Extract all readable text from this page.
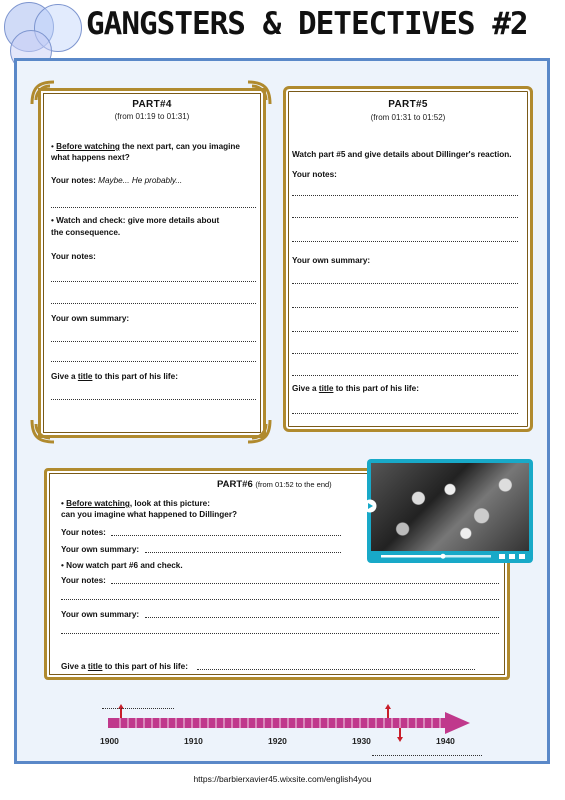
GANGSTERS & DETECTIVES #2
PART#4
(from 01:19 to 01:31)
• Before watching the next part, can you imagine
what happens next?
Your notes: Maybe... He probably...
• Watch and check: give more details about
the consequence.
Your notes:
Your own summary:
Give a title to this part of his life:
PART#5
(from 01:31 to 01:52)
Watch part #5 and give details about Dillinger's reaction.
Your notes:
Your own summary:
Give a title to this part of his life:
PART#6 (from 01:52 to the end)
• Before watching, look at this picture:
can you imagine what happened to Dillinger?
Your notes:
Your own summary:
• Now watch part #6 and check.
Your notes:
Your own summary:
Give a title to this part of his life:
1900	1910	1920	1930	1940
https://barbierxavier45.wixsite.com/english4you
